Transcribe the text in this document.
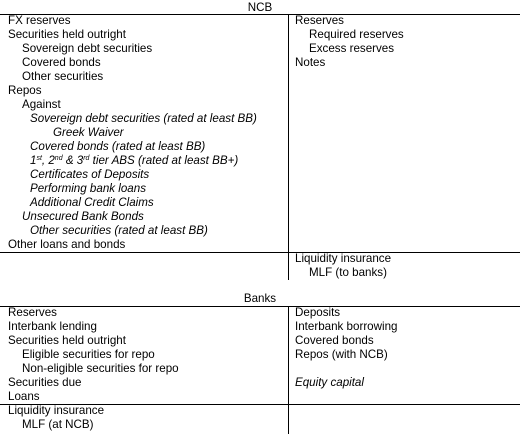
NCB
FX reserves
Securities held outright
Sovereign debt securities
Covered bonds
Other securities
Repos
Against
Sovereign debt securities (rated at least BB)
Greek Waiver
Covered bonds (rated at least BB)
1st, 2nd & 3rd tier ABS (rated at least BB+)
Certificates of Deposits
Performing bank loans
Additional Credit Claims
Unsecured Bank Bonds
Other securities (rated at least BB)
Other loans and bonds
Reserves
Required reserves
Excess reserves
Notes
Liquidity insurance
MLF (to banks)
Banks
Reserves
Interbank lending
Securities held outright
Eligible securities for repo
Non-eligible securities for repo
Securities due
Loans
Deposits
Interbank borrowing
Covered bonds
Repos (with NCB)
Equity capital
Liquidity insurance
MLF (at NCB)
